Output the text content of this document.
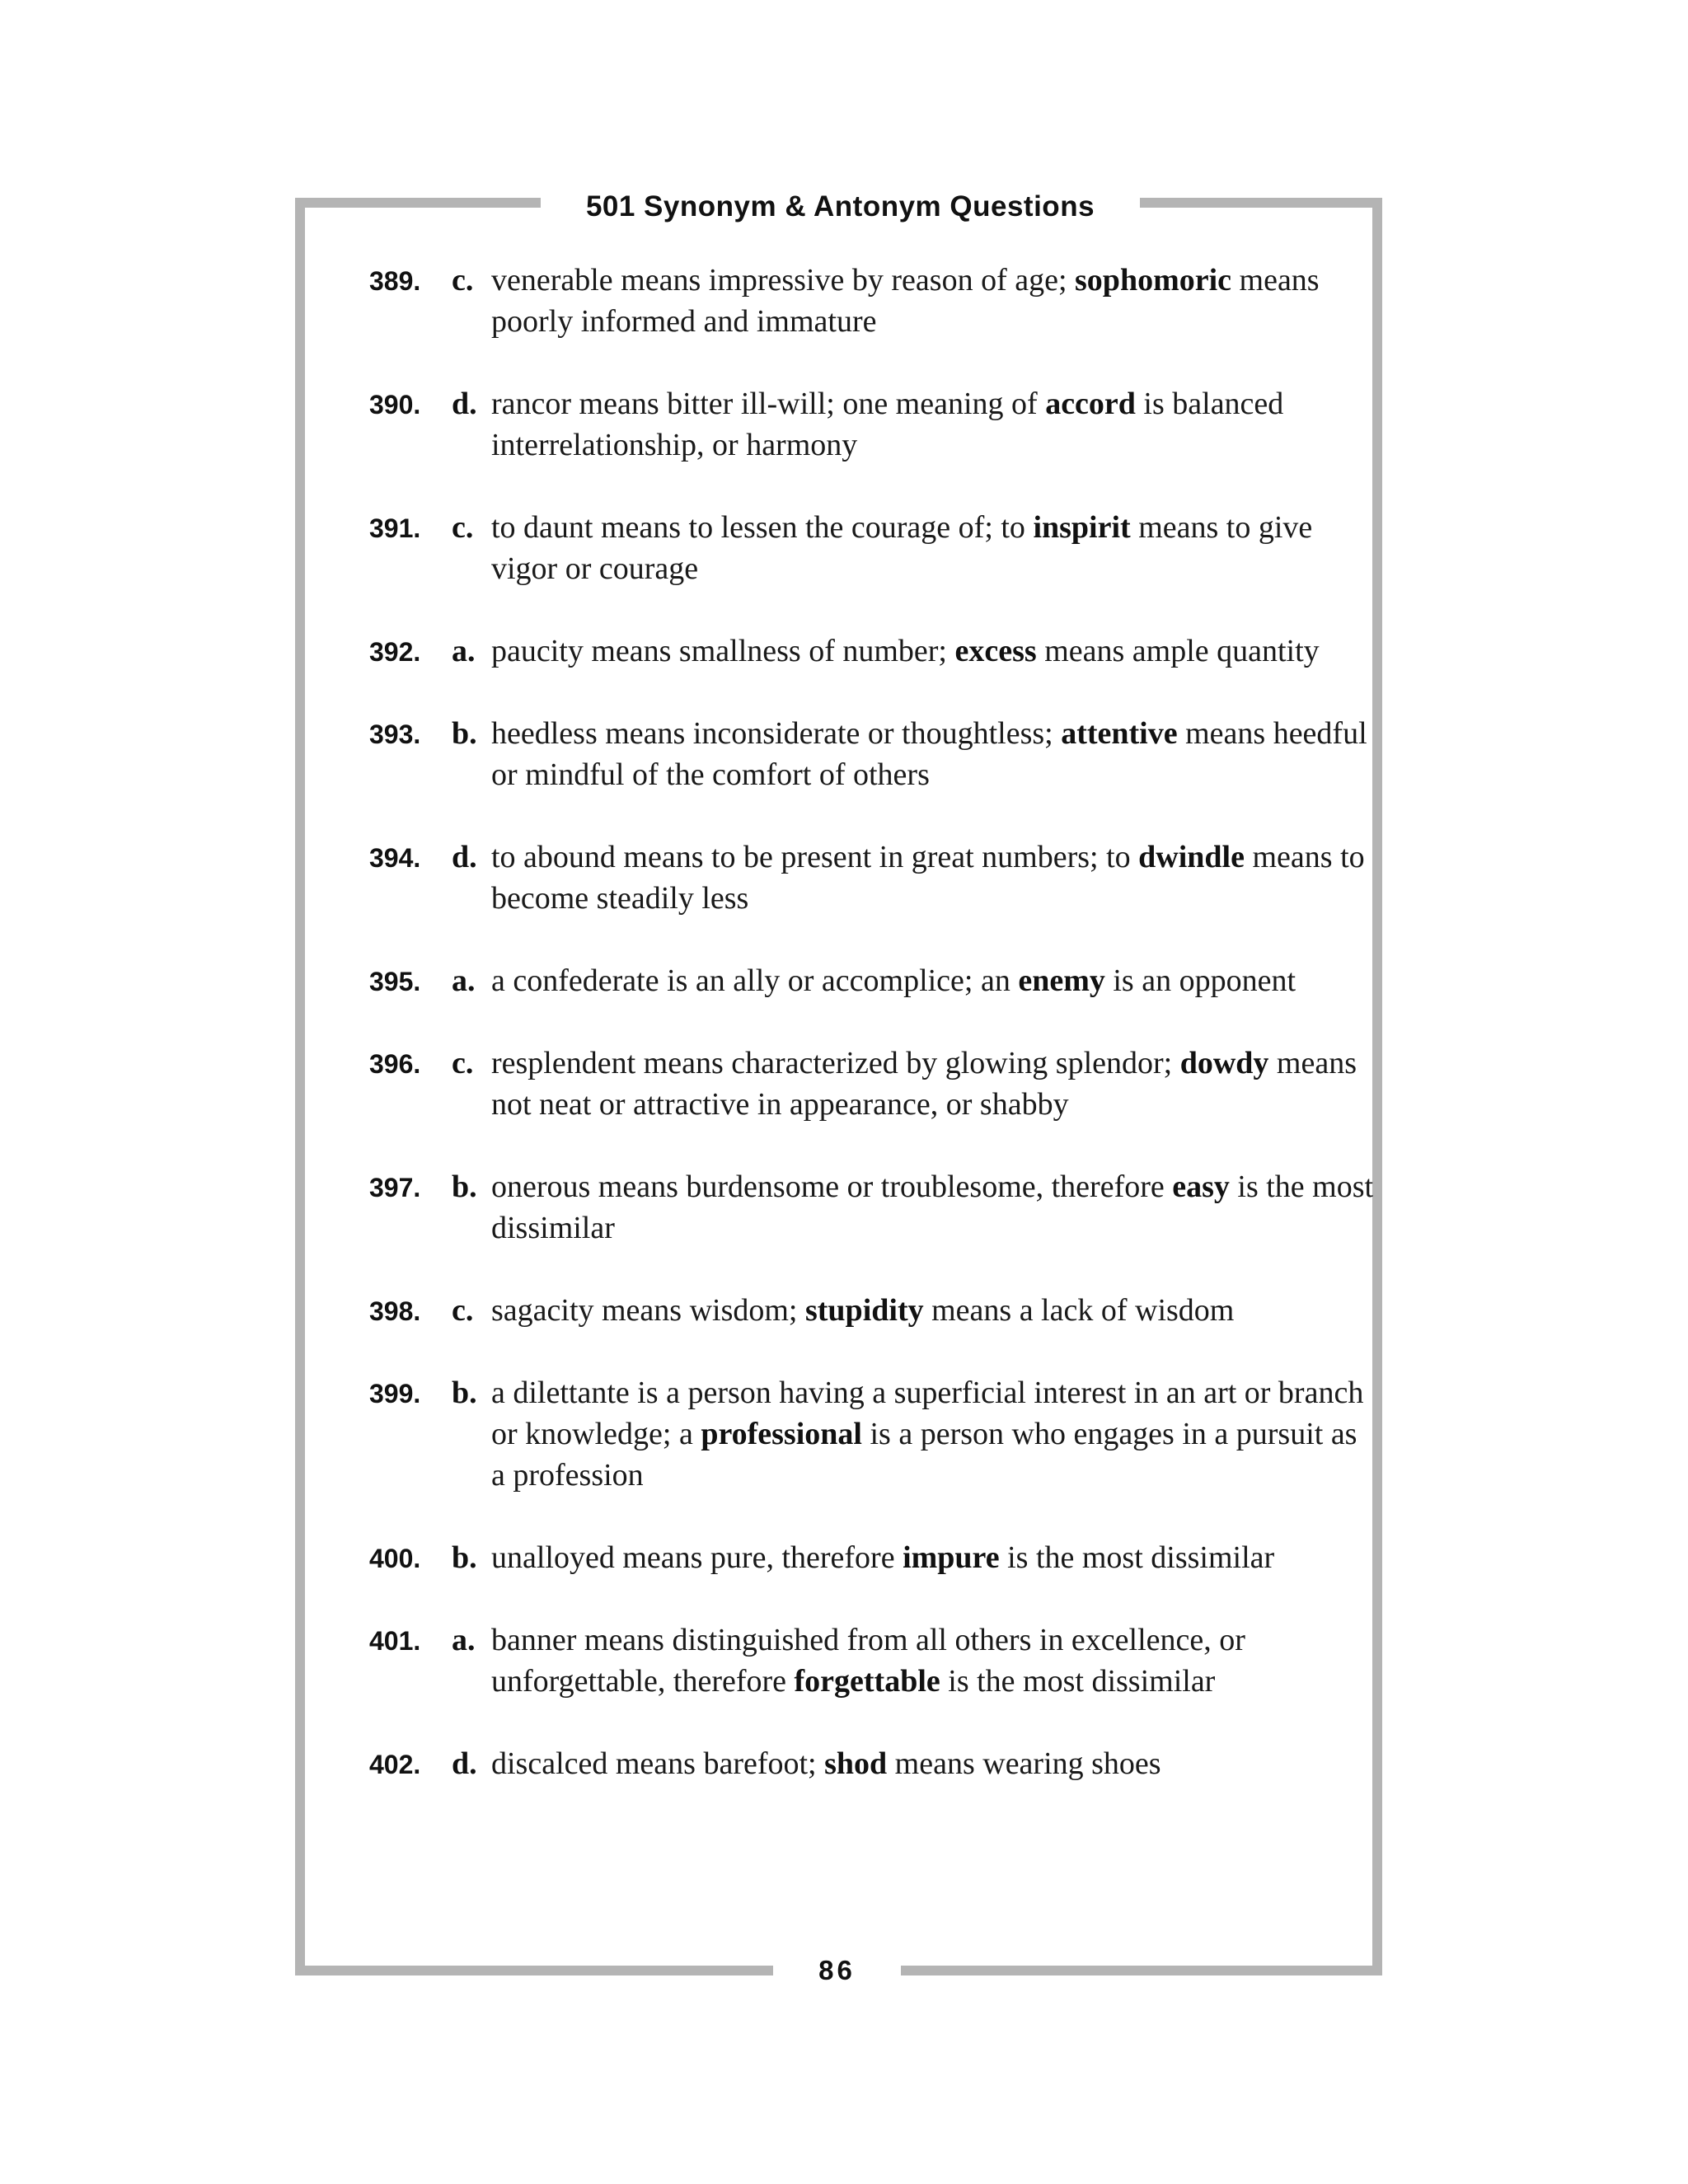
501 Synonym & Antonym Questions
389. c. venerable means impressive by reason of age; sophomoric means poorly informed and immature
390. d. rancor means bitter ill-will; one meaning of accord is balanced interrelationship, or harmony
391. c. to daunt means to lessen the courage of; to inspirit means to give vigor or courage
392. a. paucity means smallness of number; excess means ample quantity
393. b. heedless means inconsiderate or thoughtless; attentive means heedful or mindful of the comfort of others
394. d. to abound means to be present in great numbers; to dwindle means to become steadily less
395. a. a confederate is an ally or accomplice; an enemy is an opponent
396. c. resplendent means characterized by glowing splendor; dowdy means not neat or attractive in appearance, or shabby
397. b. onerous means burdensome or troublesome, therefore easy is the most dissimilar
398. c. sagacity means wisdom; stupidity means a lack of wisdom
399. b. a dilettante is a person having a superficial interest in an art or branch or knowledge; a professional is a person who engages in a pursuit as a profession
400. b. unalloyed means pure, therefore impure is the most dissimilar
401. a. banner means distinguished from all others in excellence, or unforgettable, therefore forgettable is the most dissimilar
402. d. discalced means barefoot; shod means wearing shoes
86
